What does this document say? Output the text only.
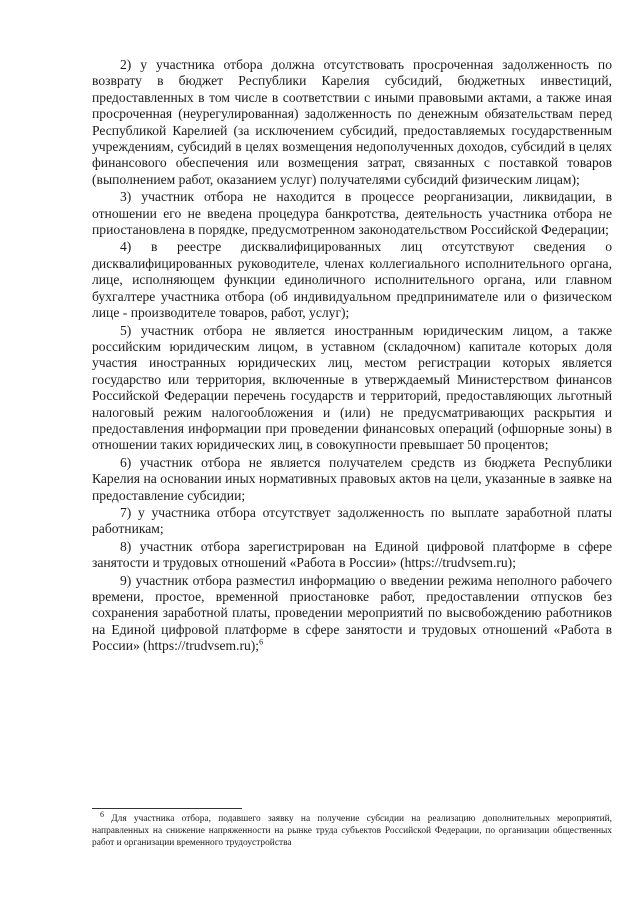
2) у участника отбора должна отсутствовать просроченная задолженность по возврату в бюджет Республики Карелия субсидий, бюджетных инвестиций, предоставленных в том числе в соответствии с иными правовыми актами, а также иная просроченная (неурегулированная) задолженность по денежным обязательствам перед Республикой Карелией (за исключением субсидий, предоставляемых государственным учреждениям, субсидий в целях возмещения недополученных доходов, субсидий в целях финансового обеспечения или возмещения затрат, связанных с поставкой товаров (выполнением работ, оказанием услуг) получателями субсидий физическим лицам);

3) участник отбора не находится в процессе реорганизации, ликвидации, в отношении его не введена процедура банкротства, деятельность участника отбора не приостановлена в порядке, предусмотренном законодательством Российской Федерации;

4) в реестре дисквалифицированных лиц отсутствуют сведения о дисквалифицированных руководителе, членах коллегиального исполнительного органа, лице, исполняющем функции единоличного исполнительного органа, или главном бухгалтере участника отбора (об индивидуальном предпринимателе или о физическом лице - производителе товаров, работ, услуг);

5) участник отбора не является иностранным юридическим лицом, а также российским юридическим лицом, в уставном (складочном) капитале которых доля участия иностранных юридических лиц, местом регистрации которых является государство или территория, включенные в утверждаемый Министерством финансов Российской Федерации перечень государств и территорий, предоставляющих льготный налоговый режим налогообложения и (или) не предусматривающих раскрытия и предоставления информации при проведении финансовых операций (офшорные зоны) в отношении таких юридических лиц, в совокупности превышает 50 процентов;

6) участник отбора не является получателем средств из бюджета Республики Карелия на основании иных нормативных правовых актов на цели, указанные в заявке на предоставление субсидии;

7) у участника отбора отсутствует задолженность по выплате заработной платы работникам;

8) участник отбора зарегистрирован на Единой цифровой платформе в сфере занятости и трудовых отношений «Работа в России» (https://trudvsem.ru);

9) участник отбора разместил информацию о введении режима неполного рабочего времени, простое, временной приостановке работ, предоставлении отпусков без сохранения заработной платы, проведении мероприятий по высвобождению работников на Единой цифровой платформе в сфере занятости и трудовых отношений «Работа в России» (https://trudvsem.ru);$^6$

6 Для участника отбора, подавшего заявку на получение субсидии на реализацию дополнительных мероприятий, направленных на снижение напряженности на рынке труда субъектов Российской Федерации, по организации общественных работ и организации временного трудоустройства
